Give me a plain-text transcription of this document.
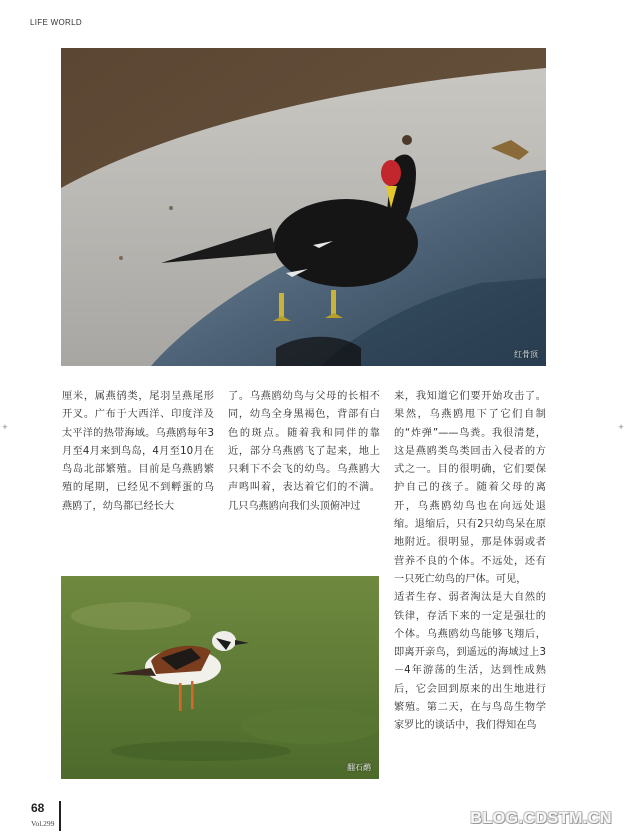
LIFE WORLD
+	+
红骨顶

厘米，属燕鸻类，尾羽呈燕尾形开叉。广布于大西洋、印度洋及太平洋的热带海域。乌燕鸥每年3月至4月来到鸟岛，4月至10月在鸟岛北部繁殖。目前是乌燕鸥繁殖的尾期，已经见不到孵蛋的乌燕鸥了，幼鸟都已经长大

了。乌燕鸥幼鸟与父母的长相不同，幼鸟全身黑褐色，背部有白色的斑点。随着我和同伴的靠近，部分乌燕鸥飞了起来，地上只剩下不会飞的幼鸟。乌燕鸥大声鸣叫着，表达着它们的不满。几只乌燕鸥向我们头顶俯冲过

来，我知道它们要开始攻击了。果然，乌燕鸥甩下了它们自制的“炸弹”——鸟粪。我很清楚，这是燕鸥类鸟类回击入侵者的方式之一。目的很明确，它们要保护自己的孩子。随着父母的离开，乌燕鸥幼鸟也在向远处退缩。退缩后，只有2只幼鸟呆在原地附近。很明显，那是体弱或者营养不良的个体。不远处，还有一只死亡幼鸟的尸体。可见，

适者生存、弱者淘汰是大自然的铁律，存活下来的一定是强壮的个体。乌燕鸥幼鸟能够飞翔后，即离开亲鸟，到遥远的海域过上3－4年游荡的生活，达到性成熟后，它会回到原来的出生地进行繁殖。第二天，在与鸟岛生物学家罗比的谈话中，我们得知在鸟

翻石鹬
68
Vol.299	BLOG.CDSTM.CN
